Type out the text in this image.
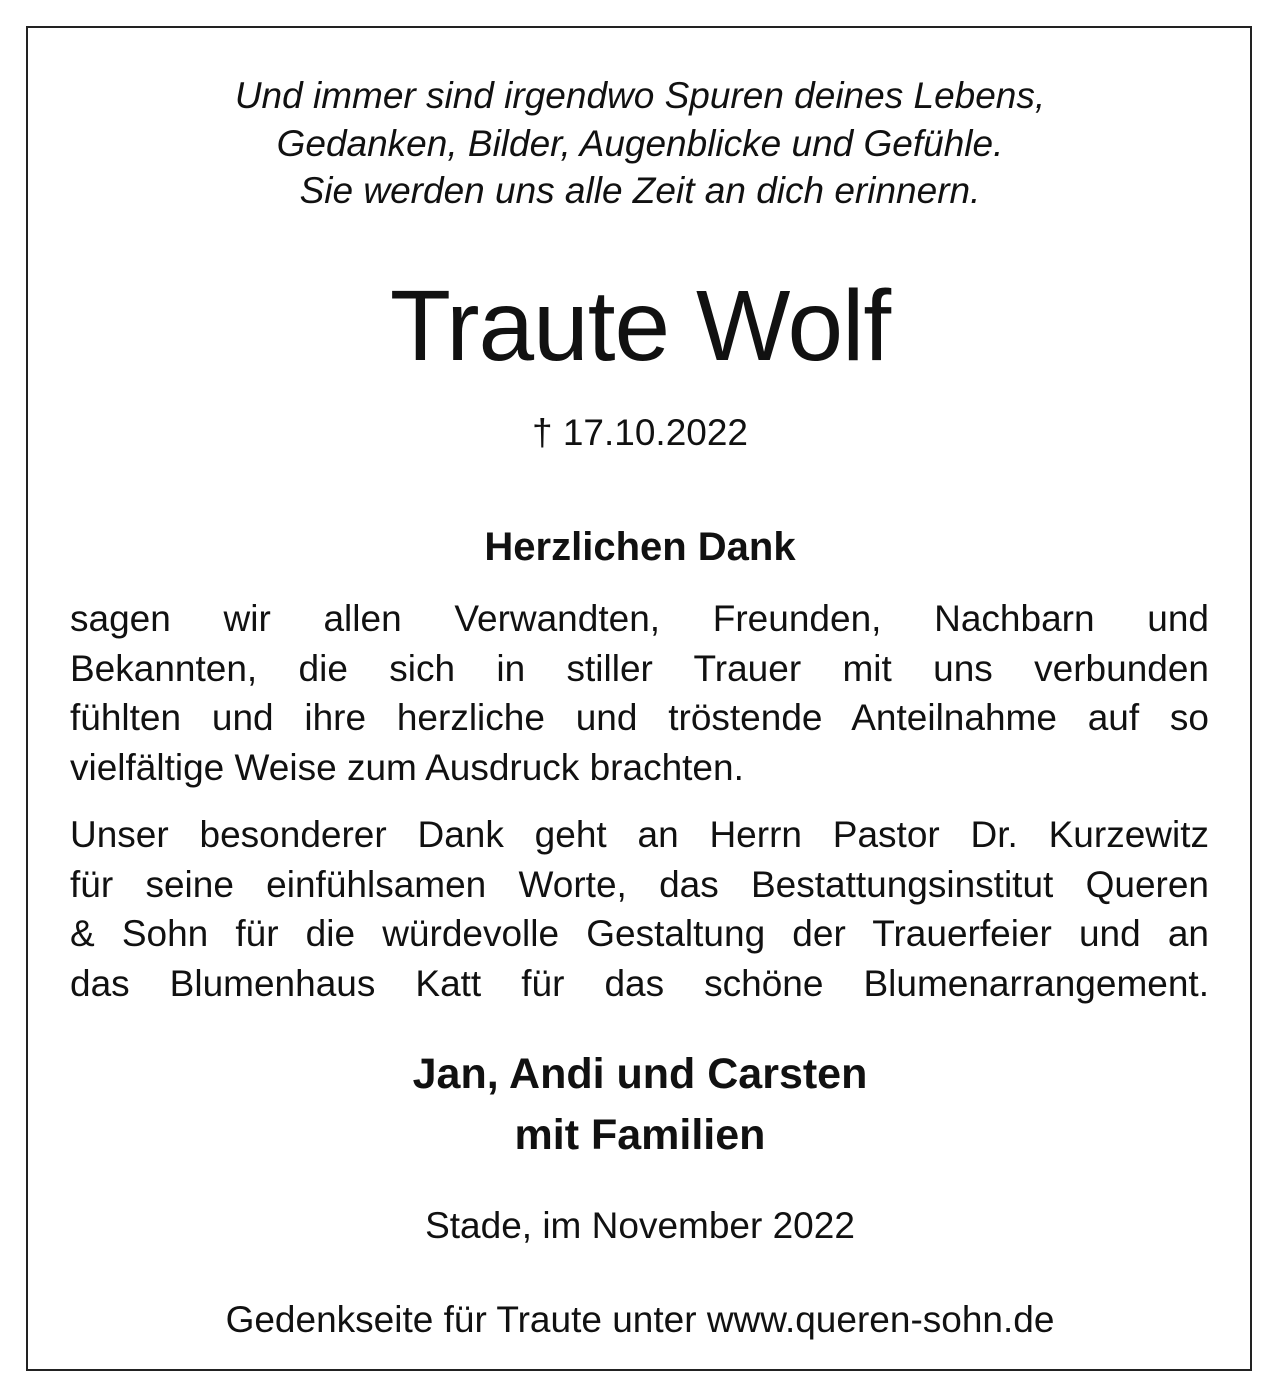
Und immer sind irgendwo Spuren deines Lebens,
Gedanken, Bilder, Augenblicke und Gefühle.
Sie werden uns alle Zeit an dich erinnern.
Traute Wolf
† 17.10.2022
Herzlichen Dank
sagen wir allen Verwandten, Freunden, Nachbarn und
Bekannten, die sich in stiller Trauer mit uns verbunden
fühlten und ihre herzliche und tröstende Anteilnahme auf so
vielfältige Weise zum Ausdruck brachten.
Unser besonderer Dank geht an Herrn Pastor Dr. Kurzewitz
für seine einfühlsamen Worte, das Bestattungsinstitut Queren
& Sohn für die würdevolle Gestaltung der Trauerfeier und an
das Blumenhaus Katt für das schöne Blumenarrangement.
Jan, Andi und Carsten
mit Familien
Stade, im November 2022
Gedenkseite für Traute unter www.queren-sohn.de
